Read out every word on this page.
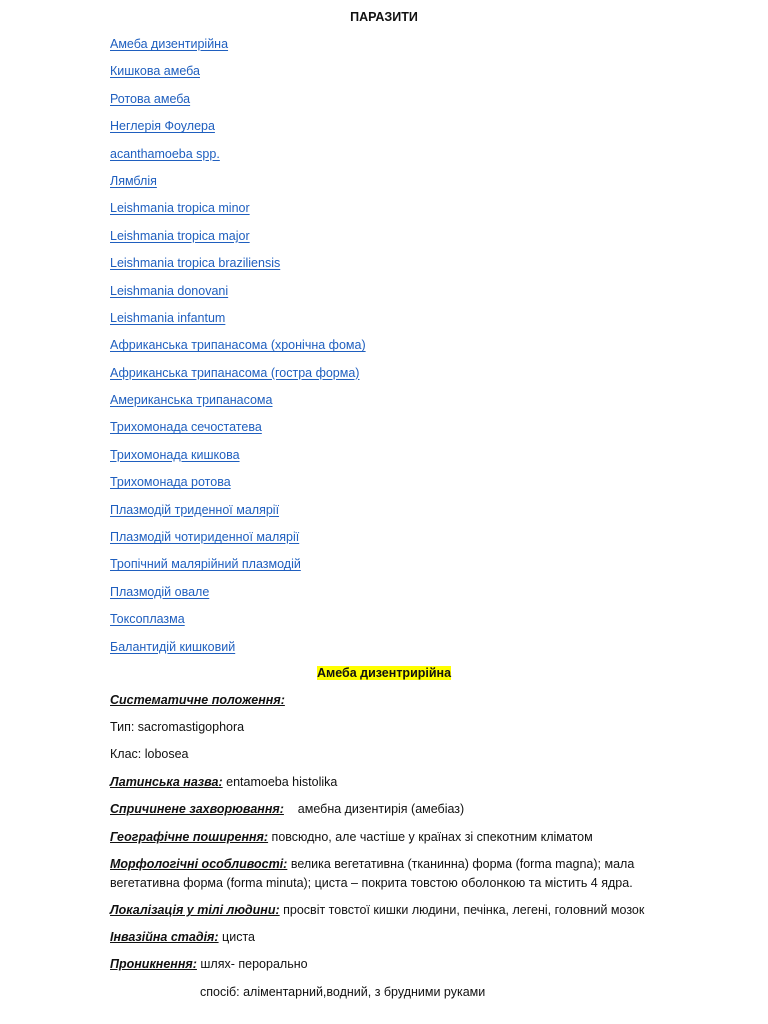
ПАРАЗИТИ
Амеба дизентирійна
Кишкова амеба
Ротова амеба
Неглерія Фоулера
acanthamoeba spp.
Лямблія
Leishmania tropica minor
Leishmania tropica major
Leishmania tropica braziliensis
Leishmania donovani
Leishmania infantum
Африканська трипанасома (хронічна фома)
Африканська трипанасома (гостра форма)
Американська трипанасома
Трихомонада сечостатева
Трихомонада кишкова
Трихомонада ротова
Плазмодій триденної малярії
Плазмодій чотириденної малярії
Тропічний малярійний плазмодій
Плазмодій овале
Токсоплазма
Балантидій кишковий
Амеба дизентрирійна
Систематичне положення:
Тип: sacromastigophora
Клас: lobosea
Латинська назва: entamoeba histolika
Спричинене захворювання:    амебна дизентирія (амебіаз)
Географічне поширення: повсюдно, але частіше у країнах зі спекотним кліматом
Морфологічні особливості: велика вегетативна (тканинна) форма (forma magna); мала вегетативна форма (forma minuta); циста – покрита товстою оболонкою та містить 4 ядра.
Локалізація у тілі людини: просвіт товстої кишки людини, печінка, легені, головний мозок
Інвазійна стадія: циста
Проникнення: шлях- перорально
спосіб: аліментарний,водний, з брудними руками
